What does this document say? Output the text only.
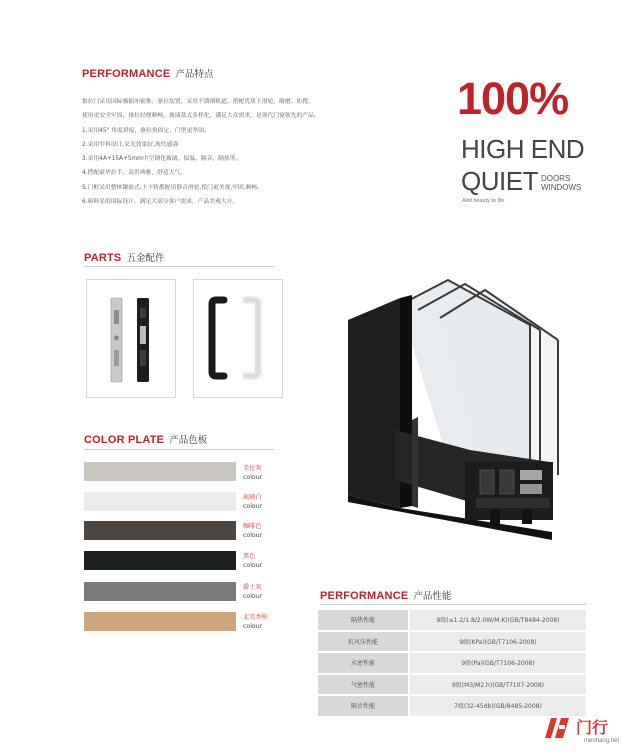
PERFORMANCE 产品特点
推拉门采用国际极缩冲密推，驱位装置，采用不锈钢轨道，搭配优质下滑轮，耐磨、防搜，
使用更安全牢固，推拉轻便顺畅。玻璃款式多样化，满足大众需求，是现代门窗领先的产品。
1.采用45° 角度拼接，驱拉角固定，门型更坚固。
2.采用窄料设计,采光效果好,现代感强
3.采用4A+15A+5mm中空钢化玻璃、保温、隔音、隔热等。
4.搭配豪华拉手，高贵典雅，舒适大气。
5.门框采用整体镶嵌式,上下轨都配用静音滑轮,使门更美观,牢固,顺畅。
6.颜料采用国际设计，满足大部分客户需求，产品美观大方。
100%
HIGH END
QUIET DOORS
WINDOWS
Add beauty to life
PARTS 五金配件
COLOR PLATE 产品色板
美伦灰
colour
琉璃白
colour
咖啡色
colour
黑色
colour
爵士灰
colour
北美香柏
colour
PERFORMANCE 产品性能
隔热性能	9级(≤1.2/1.8/2.0W/M.K)(GB/T8484-2008)
抗风压性能	9级(KPa)(GB/T7106-2008)
水密性能	9级(Pa)(GB/T7106-2008)
气密性能	9级(M3/M2.h)(GB/T7107-2008)
隔音性能	7级(32-45db)(GB/8485-2008)
门行
menhang.net
